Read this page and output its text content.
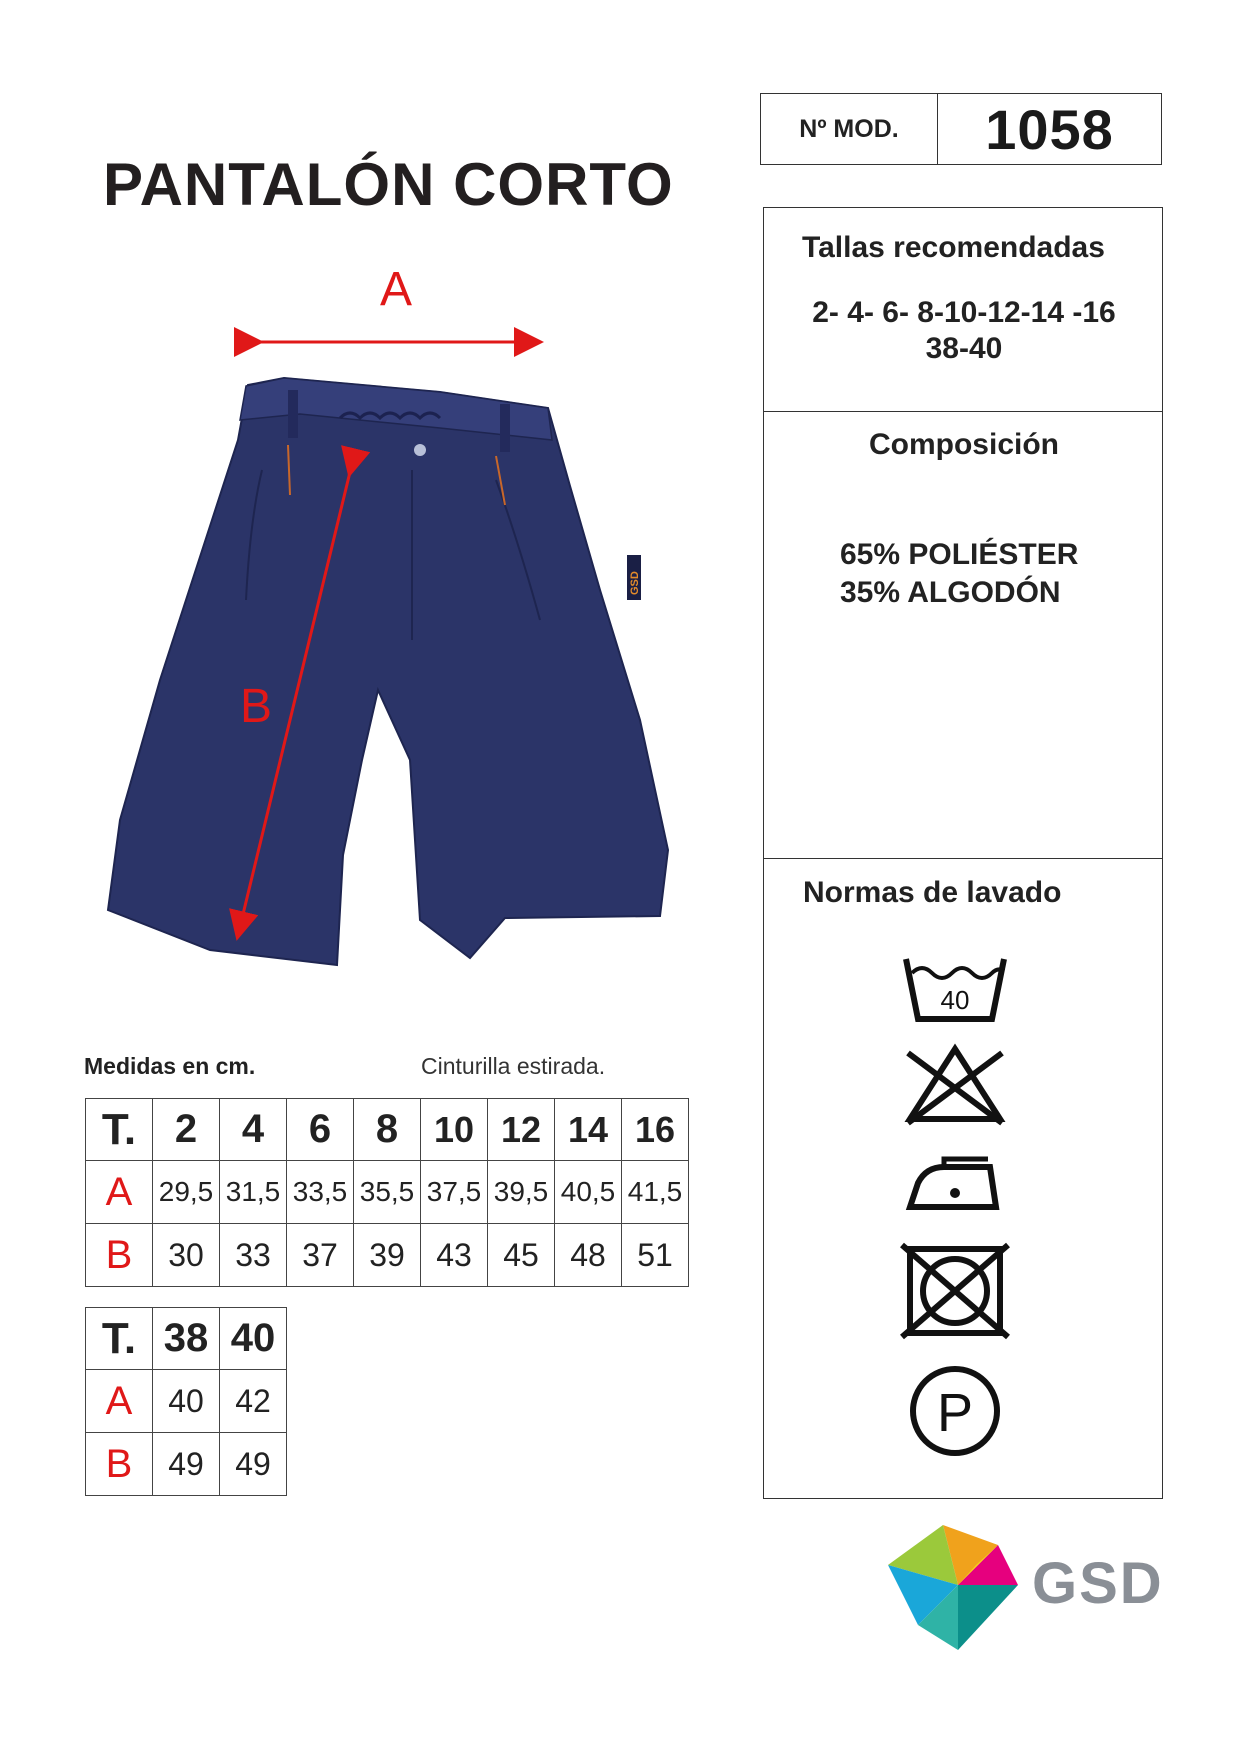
PANTALÓN CORTO
Nº MOD.	1058
GSD
A
B
Tallas recomendadas
2- 4- 6- 8-10-12-14 -16
38-40
Composición
65% POLIÉSTER
35% ALGODÓN
Normas de lavado
40
P
Medidas en cm.	Cinturilla estirada.
T.	2	4	6	8	10	12	14	16
A	29,5	31,5	33,5	35,5	37,5	39,5	40,5	41,5
B	30	33	37	39	43	45	48	51
T.	38	40
A	40	42
B	49	49
GSD
